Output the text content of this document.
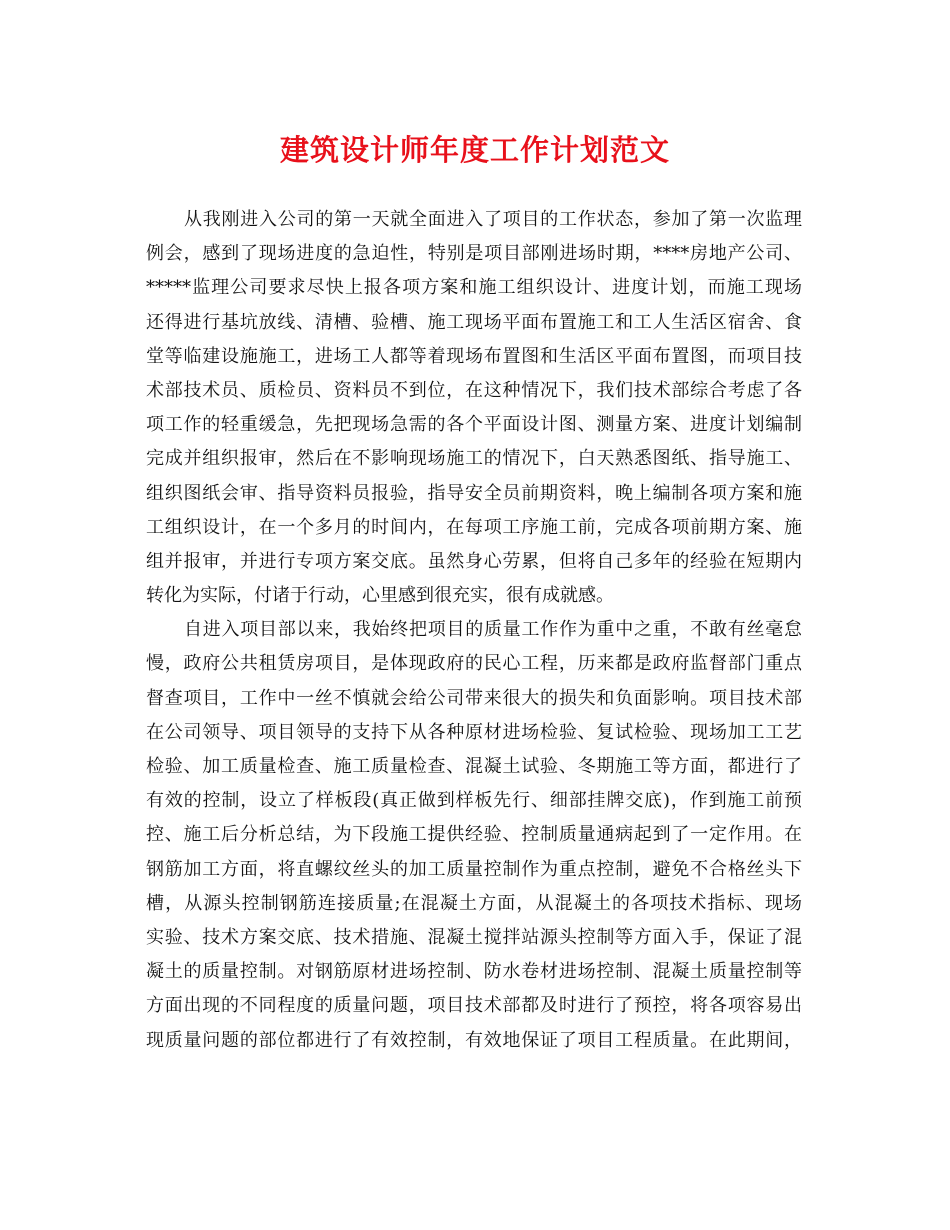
建筑设计师年度工作计划范文
从我刚进入公司的第一天就全面进入了项目的工作状态，参加了第一次监理
例会，感到了现场进度的急迫性，特别是项目部刚进场时期，****房地产公司、
*****监理公司要求尽快上报各项方案和施工组织设计、进度计划，而施工现场
还得进行基坑放线、清槽、验槽、施工现场平面布置施工和工人生活区宿舍、食
堂等临建设施施工，进场工人都等着现场布置图和生活区平面布置图，而项目技
术部技术员、质检员、资料员不到位，在这种情况下，我们技术部综合考虑了各
项工作的轻重缓急，先把现场急需的各个平面设计图、测量方案、进度计划编制
完成并组织报审，然后在不影响现场施工的情况下，白天熟悉图纸、指导施工、
组织图纸会审、指导资料员报验，指导安全员前期资料，晚上编制各项方案和施
工组织设计，在一个多月的时间内，在每项工序施工前，完成各项前期方案、施
组并报审，并进行专项方案交底。虽然身心劳累，但将自己多年的经验在短期内
转化为实际，付诸于行动，心里感到很充实，很有成就感。
自进入项目部以来，我始终把项目的质量工作作为重中之重，不敢有丝毫怠
慢，政府公共租赁房项目，是体现政府的民心工程，历来都是政府监督部门重点
督查项目，工作中一丝不慎就会给公司带来很大的损失和负面影响。项目技术部
在公司领导、项目领导的支持下从各种原材进场检验、复试检验、现场加工工艺
检验、加工质量检查、施工质量检查、混凝土试验、冬期施工等方面，都进行了
有效的控制，设立了样板段(真正做到样板先行、细部挂牌交底)，作到施工前预
控、施工后分析总结，为下段施工提供经验、控制质量通病起到了一定作用。在
钢筋加工方面，将直螺纹丝头的加工质量控制作为重点控制，避免不合格丝头下
槽，从源头控制钢筋连接质量;在混凝土方面，从混凝土的各项技术指标、现场
实验、技术方案交底、技术措施、混凝土搅拌站源头控制等方面入手，保证了混
凝土的质量控制。对钢筋原材进场控制、防水卷材进场控制、混凝土质量控制等
方面出现的不同程度的质量问题，项目技术部都及时进行了预控，将各项容易出
现质量问题的部位都进行了有效控制，有效地保证了项目工程质量。在此期间，
